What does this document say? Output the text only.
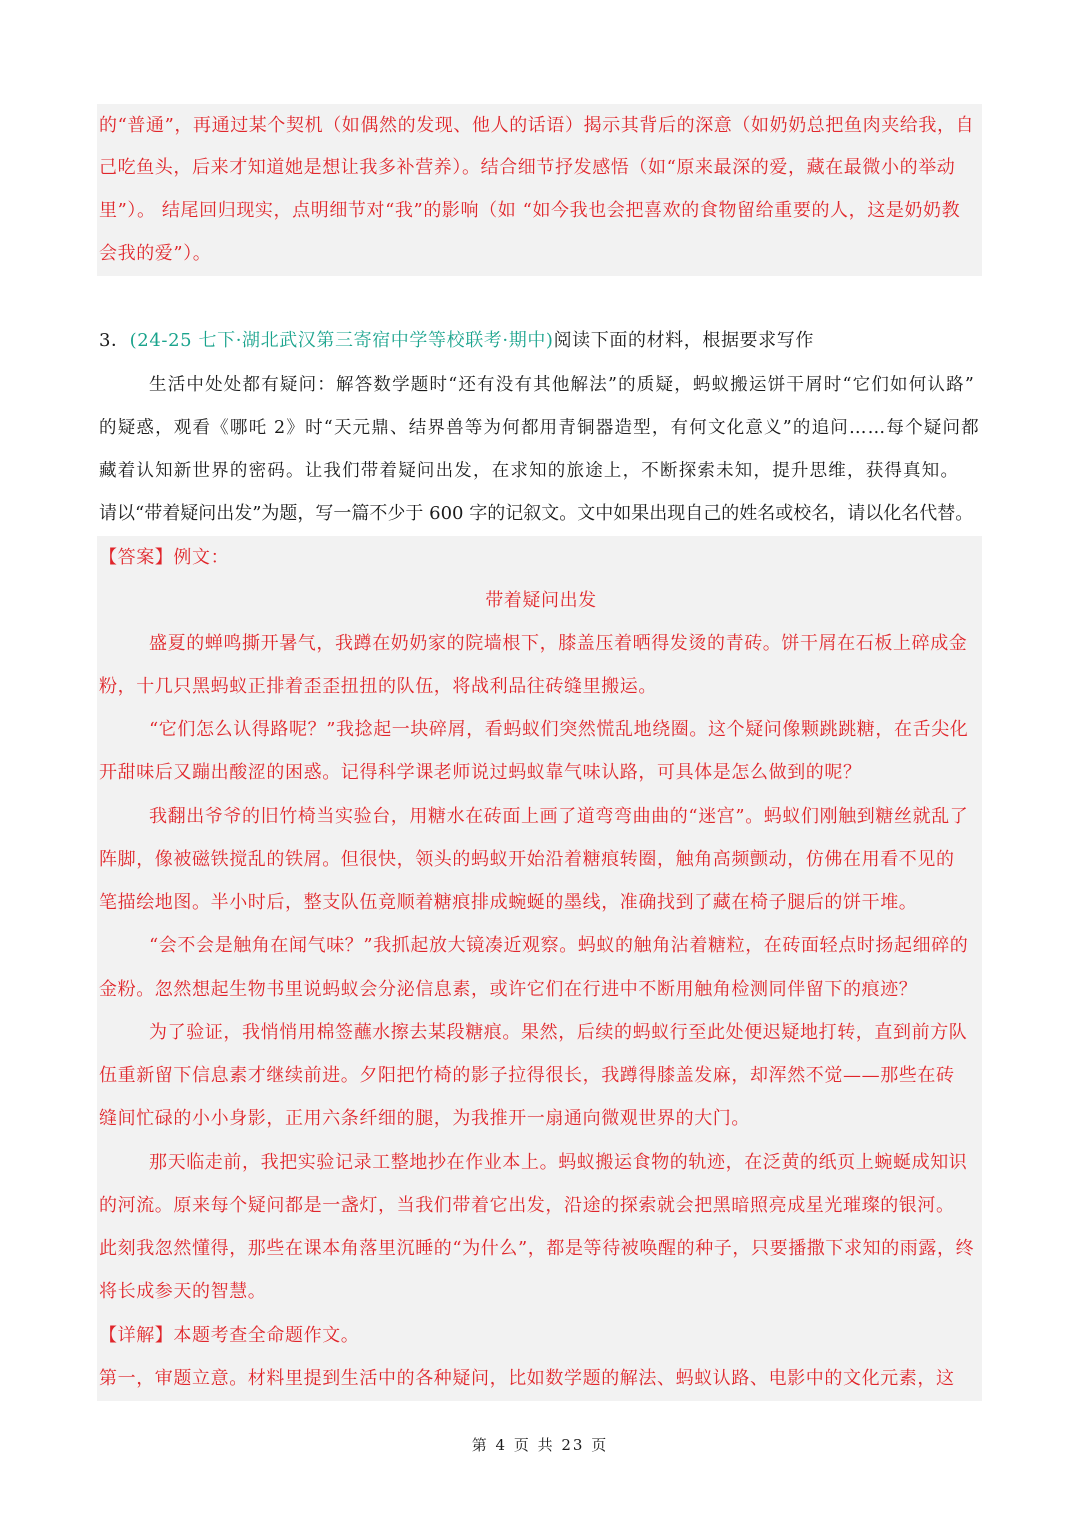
的“普通”，再通过某个契机（如偶然的发现、他人的话语）揭示其背后的深意（如奶奶总把鱼肉夹给我，自
己吃鱼头，后来才知道她是想让我多补营养）。结合细节抒发感悟（如“原来最深的爱，藏在最微小的举动
里”）。 结尾回归现实，点明细节对“我”的影响（如 “如今我也会把喜欢的食物留给重要的人，这是奶奶教
会我的爱”）。
3．(24-25 七下·湖北武汉第三寄宿中学等校联考·期中)阅读下面的材料，根据要求写作
生活中处处都有疑问：解答数学题时“还有没有其他解法”的质疑，蚂蚁搬运饼干屑时“它们如何认路”
的疑惑，观看《哪吒 2》时“天元鼎、结界兽等为何都用青铜器造型，有何文化意义”的追问……每个疑问都
藏着认知新世界的密码。让我们带着疑问出发，在求知的旅途上，不断探索未知，提升思维，获得真知。
请以“带着疑问出发”为题，写一篇不少于 600 字的记叙文。文中如果出现自己的姓名或校名，请以化名代替。
【答案】例文：
带着疑问出发
盛夏的蝉鸣撕开暑气，我蹲在奶奶家的院墙根下，膝盖压着晒得发烫的青砖。饼干屑在石板上碎成金
粉，十几只黑蚂蚁正排着歪歪扭扭的队伍，将战利品往砖缝里搬运。
“它们怎么认得路呢？”我捻起一块碎屑，看蚂蚁们突然慌乱地绕圈。这个疑问像颗跳跳糖，在舌尖化
开甜味后又蹦出酸涩的困惑。记得科学课老师说过蚂蚁靠气味认路，可具体是怎么做到的呢？
我翻出爷爷的旧竹椅当实验台，用糖水在砖面上画了道弯弯曲曲的“迷宫”。蚂蚁们刚触到糖丝就乱了
阵脚，像被磁铁搅乱的铁屑。但很快，领头的蚂蚁开始沿着糖痕转圈，触角高频颤动，仿佛在用看不见的
笔描绘地图。半小时后，整支队伍竟顺着糖痕排成蜿蜒的墨线，准确找到了藏在椅子腿后的饼干堆。
“会不会是触角在闻气味？”我抓起放大镜凑近观察。蚂蚁的触角沾着糖粒，在砖面轻点时扬起细碎的
金粉。忽然想起生物书里说蚂蚁会分泌信息素，或许它们在行进中不断用触角检测同伴留下的痕迹？
为了验证，我悄悄用棉签蘸水擦去某段糖痕。果然，后续的蚂蚁行至此处便迟疑地打转，直到前方队
伍重新留下信息素才继续前进。夕阳把竹椅的影子拉得很长，我蹲得膝盖发麻，却浑然不觉——那些在砖
缝间忙碌的小小身影，正用六条纤细的腿，为我推开一扇通向微观世界的大门。
那天临走前，我把实验记录工整地抄在作业本上。蚂蚁搬运食物的轨迹，在泛黄的纸页上蜿蜒成知识
的河流。原来每个疑问都是一盏灯，当我们带着它出发，沿途的探索就会把黑暗照亮成星光璀璨的银河。
此刻我忽然懂得，那些在课本角落里沉睡的“为什么”，都是等待被唤醒的种子，只要播撒下求知的雨露，终
将长成参天的智慧。
【详解】本题考查全命题作文。
第一，审题立意。材料里提到生活中的各种疑问，比如数学题的解法、蚂蚁认路、电影中的文化元素，这
第 4 页 共 23 页
